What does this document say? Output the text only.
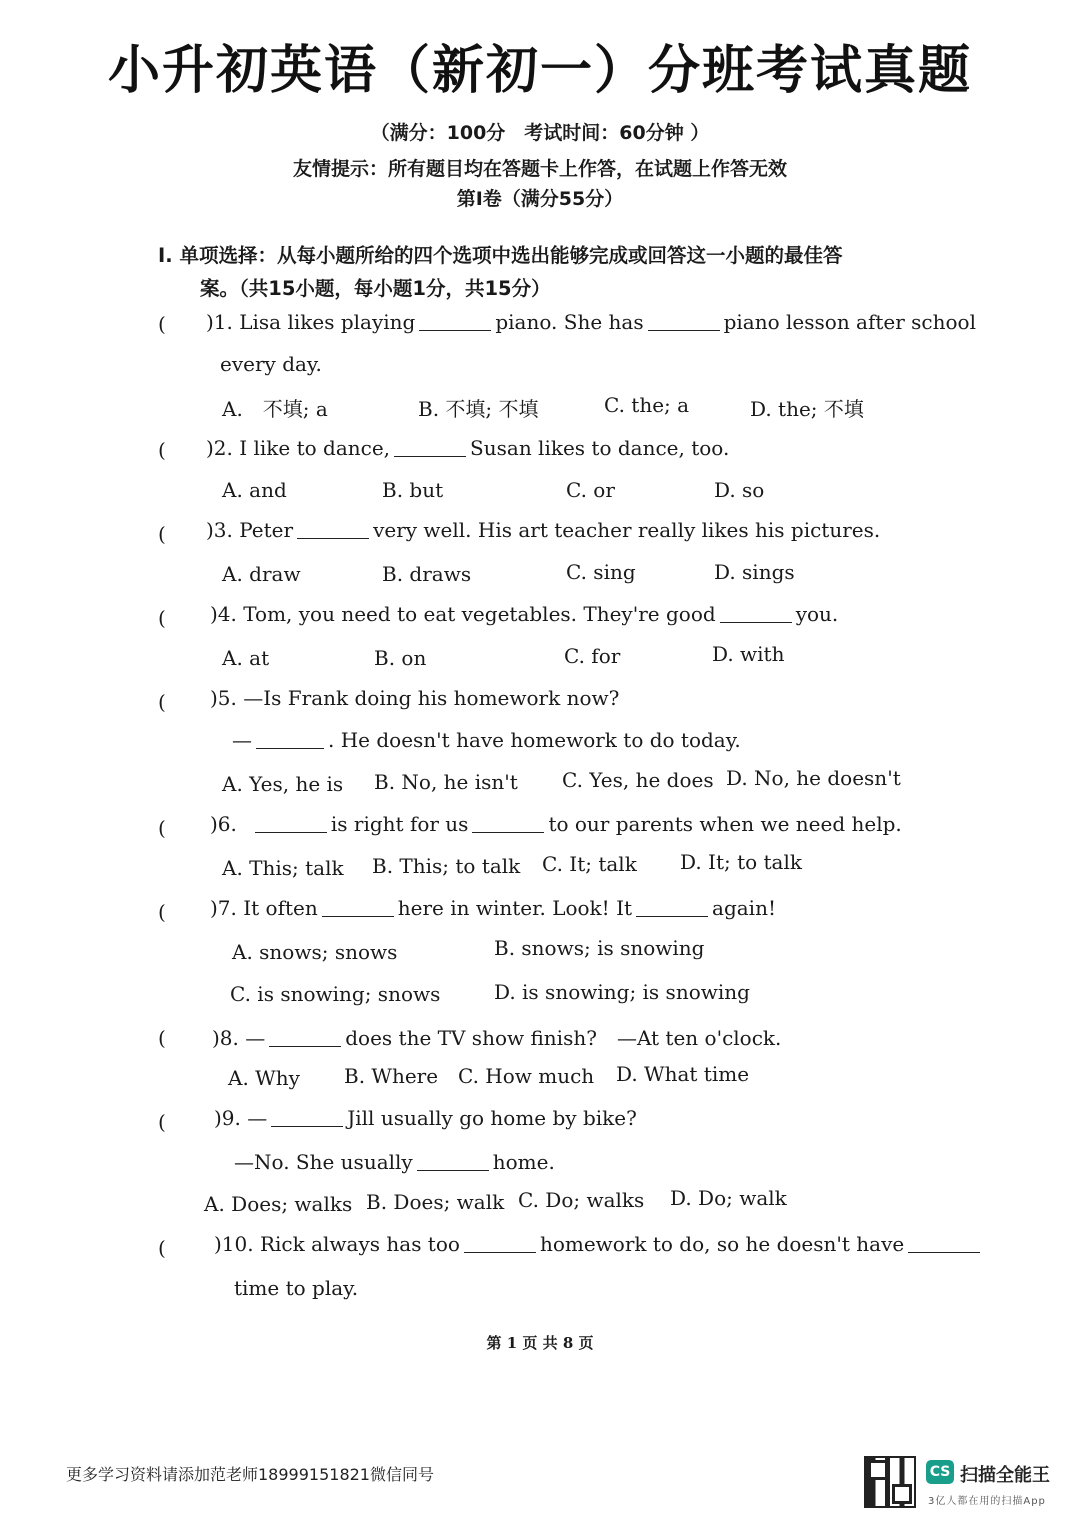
小升初英语（新初一）分班考试真题
（满分：100分　考试时间：60分钟 ）
友情提示：所有题目均在答题卡上作答，在试题上作答无效
第Ⅰ卷（满分55分）
I. 单项选择：从每小题所给的四个选项中选出能够完成或回答这一小题的最佳答
案。（共15小题，每小题1分，共15分）
( )1. Lisa likes playing	piano. She has	piano lesson after school
every day.
A.　不填; a	B. 不填; 不填	C. the; a	D. the; 不填
( )2. I like to dance,	Susan likes to dance, too.
A. and	B. but	C. or	D. so
( )3. Peter	very well. His art teacher really likes his pictures.
A. draw	B. draws	C. sing	D. sings
( )4. Tom, you need to eat vegetables. They're good	you.
A. at	B. on	C. for	D. with
( )5. —Is Frank doing his homework now?
—	. He doesn't have homework to do today.
A. Yes, he is B. No, he isn't C. Yes, he does D. No, he doesn't
( )6.	is right for us	to our parents when we need help.
A. This; talk B. This; to talk C. It; talk D. It; to talk
( )7. It often	here in winter. Look! It	again!
A. snows; snows	B. snows; is snowing
C. is snowing; snows	D. is snowing; is snowing
( )8. —	does the TV show finish?　—At ten o'clock.
A. Why B. Where C. How much D. What time
( )9. —	Jill usually go home by bike?
—No. She usually	home.
A. Does; walks B. Does; walk C. Do; walks D. Do; walk
( )10. Rick always has too	homework to do, so he doesn't have
time to play.
第 1 页 共 8 页
更多学习资料请添加范老师18999151821微信同号	CS 扫描全能王
3亿人都在用的扫描App
